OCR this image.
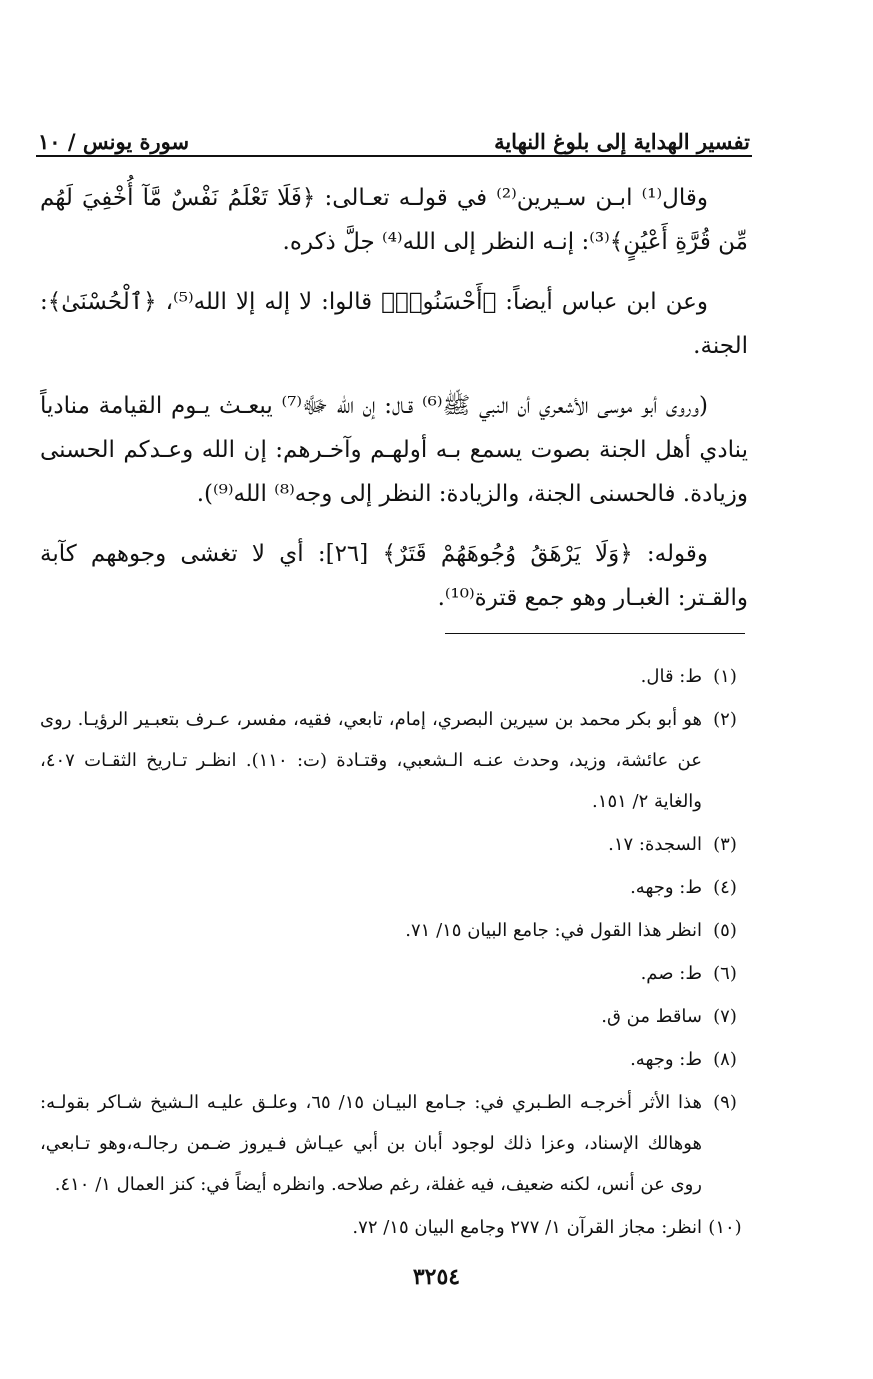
تفسير الهداية إلى بلوغ النهاية
سورة يونس / ١٠

وقال⁽¹⁾ ابـن سـيرين⁽²⁾ في قولـه تعـالى: ﴿فَلَا تَعْلَمُ نَفْسٌ مَّآ أُخْفِيَ لَهُم مِّن قُرَّةِ أَعْيُنٍ﴾⁽³⁾: إنـه النظر إلى الله⁽⁴⁾ جلَّ ذكره.

وعن ابن عباس أيضاً: ﴿أَحْسَنُوا۟﴾ قالوا: لا إله إلا الله⁽⁵⁾، ﴿ٱلْحُسْنَىٰ﴾: الجنة.

(وروى أبو موسى الأشعري أن النبي ﷺ⁽⁶⁾ قـال: إن الله ﷻ⁽⁷⁾ يبعـث يـوم القيامة منادياً ينادي أهل الجنة بصوت يسمع بـه أولهـم وآخـرهم: إن الله وعـدكم الحسنى وزيادة. فالحسنى الجنة، والزيادة: النظر إلى وجه⁽⁸⁾ الله⁽⁹⁾).

وقوله: ﴿وَلَا يَرْهَقُ وُجُوهَهُمْ قَتَرٌ﴾ [٢٦]: أي لا تغشى وجوههم كآبة والقـتر: الغبـار وهو جمع قترة⁽¹⁰⁾.

(١)
ط: قال.
(٢)
هو أبو بكر محمد بن سيرين البصري، إمام، تابعي، فقيه، مفسر، عـرف بتعبـير الرؤيـا. روى عن عائشة، وزيد، وحدث عنـه الـشعبي، وقتـادة (ت: ١١٠). انظـر تـاريخ الثقـات ٤٠٧، والغاية ٢/ ١٥١.
(٣)
السجدة: ١٧.
(٤)
ط: وجهه.
(٥)
انظر هذا القول في: جامع البيان ١٥/ ٧١.
(٦)
ط: صم.
(٧)
ساقط من ق.
(٨)
ط: وجهه.
(٩)
هذا الأثر أخرجـه الطـبري في: جـامع البيـان ١٥/ ٦٥، وعلـق عليـه الـشيخ شـاكر بقولـه: هوهالك الإسناد، وعزا ذلك لوجود أبان بن أبي عيـاش فـيروز ضـمن رجالـه،وهو تـابعي، روى عن أنس، لكنه ضعيف، فيه غفلة، رغم صلاحه. وانظره أيضاً في: كنز العمال ١/ ٤١٠.
(١٠)
انظر: مجاز القرآن ١/ ٢٧٧ وجامع البيان ١٥/ ٧٢.
٣٢٥٤
